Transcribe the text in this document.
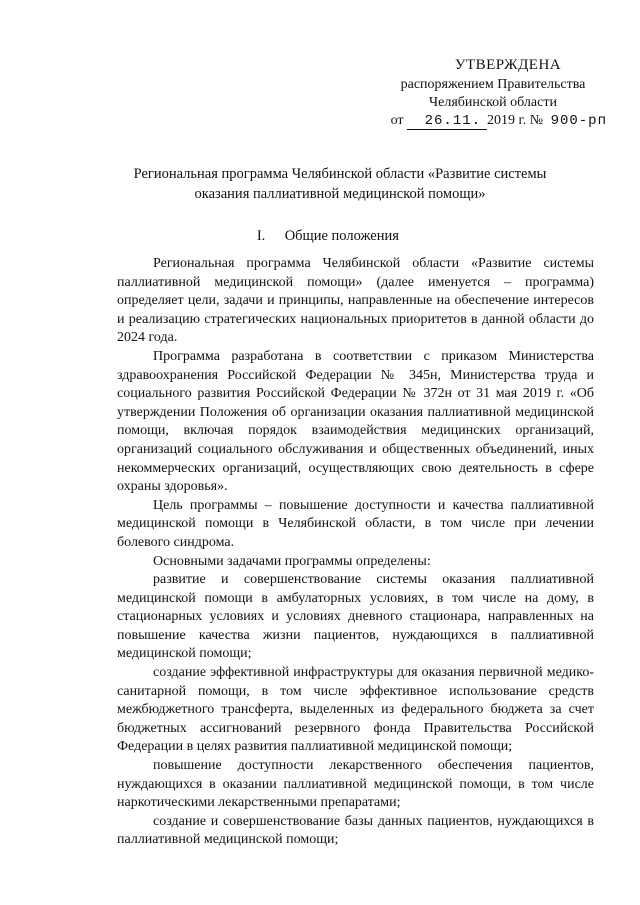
УТВЕРЖДЕНА
распоряжением Правительства
Челябинской области
от 26.11. 2019 г. № 900-рп
Региональная программа Челябинской области «Развитие системы
оказания паллиативной медицинской помощи»
I. Общие положения

Региональная программа Челябинской области «Развитие системы паллиативной медицинской помощи» (далее именуется – программа) определяет цели, задачи и принципы, направленные на обеспечение интересов и реализацию стратегических национальных приоритетов в данной области до 2024 года.

Программа разработана в соответствии с приказом Министерства здравоохранения Российской Федерации № 345н, Министерства труда и социального развития Российской Федерации № 372н от 31 мая 2019 г. «Об утверждении Положения об организации оказания паллиативной медицинской помощи, включая порядок взаимодействия медицинских организаций, организаций социального обслуживания и общественных объединений, иных некоммерческих организаций, осуществляющих свою деятельность в сфере охраны здоровья».

Цель программы – повышение доступности и качества паллиативной медицинской помощи в Челябинской области, в том числе при лечении болевого синдрома.

Основными задачами программы определены:

развитие и совершенствование системы оказания паллиативной медицинской помощи в амбулаторных условиях, в том числе на дому, в стационарных условиях и условиях дневного стационара, направленных на повышение качества жизни пациентов, нуждающихся в паллиативной медицинской помощи;

создание эффективной инфраструктуры для оказания первичной медико-санитарной помощи, в том числе эффективное использование средств межбюджетного трансферта, выделенных из федерального бюджета за счет бюджетных ассигнований резервного фонда Правительства Российской Федерации в целях развития паллиативной медицинской помощи;

повышение доступности лекарственного обеспечения пациентов, нуждающихся в оказании паллиативной медицинской помощи, в том числе наркотическими лекарственными препаратами;

создание и совершенствование базы данных пациентов, нуждающихся в паллиативной медицинской помощи;
